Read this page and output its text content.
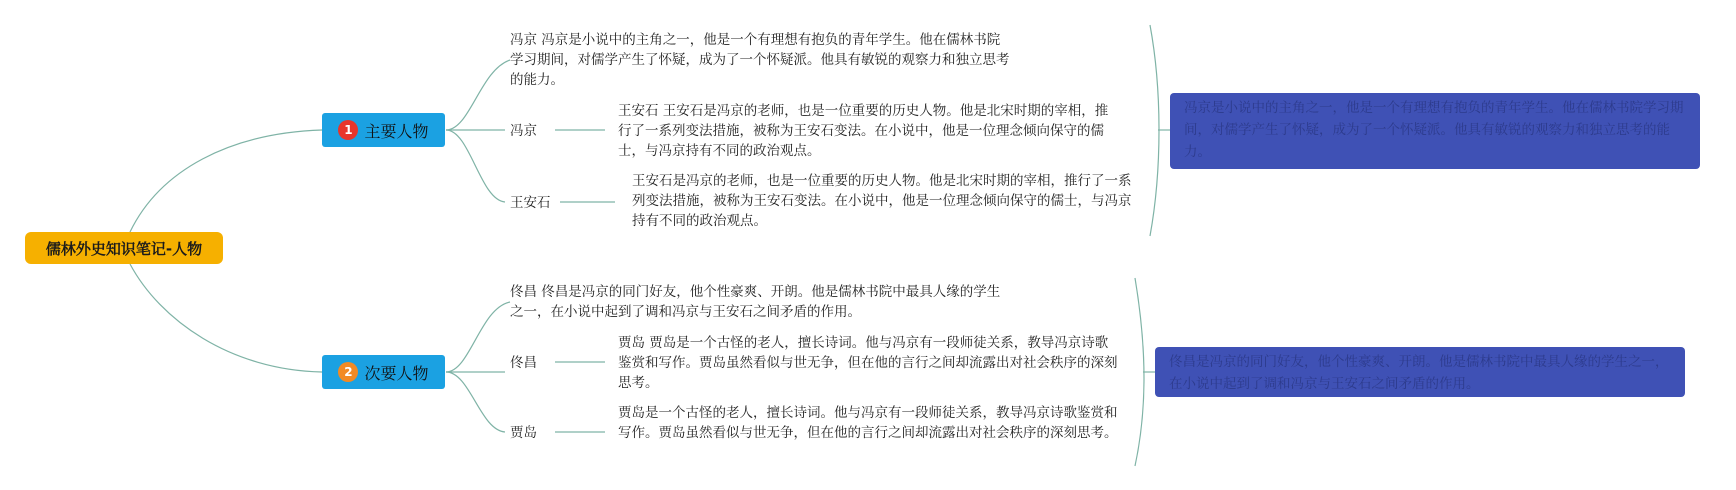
儒林外史知识笔记-人物
1 主要人物
冯京 冯京是小说中的主角之一，他是一个有理想有抱负的青年学生。他在儒林书院学习期间，对儒学产生了怀疑，成为了一个怀疑派。他具有敏锐的观察力和独立思考的能力。
冯京
王安石 王安石是冯京的老师，也是一位重要的历史人物。他是北宋时期的宰相，推行了一系列变法措施，被称为王安石变法。在小说中，他是一位理念倾向保守的儒士，与冯京持有不同的政治观点。
王安石
王安石是冯京的老师，也是一位重要的历史人物。他是北宋时期的宰相，推行了一系列变法措施，被称为王安石变法。在小说中，他是一位理念倾向保守的儒士，与冯京持有不同的政治观点。
冯京是小说中的主角之一，他是一个有理想有抱负的青年学生。他在儒林书院学习期间，对儒学产生了怀疑，成为了一个怀疑派。他具有敏锐的观察力和独立思考的能力。
2 次要人物
佟昌 佟昌是冯京的同门好友，他个性豪爽、开朗。他是儒林书院中最具人缘的学生之一，在小说中起到了调和冯京与王安石之间矛盾的作用。
佟昌
贾岛 贾岛是一个古怪的老人，擅长诗词。他与冯京有一段师徒关系，教导冯京诗歌鉴赏和写作。贾岛虽然看似与世无争，但在他的言行之间却流露出对社会秩序的深刻思考。
贾岛
贾岛是一个古怪的老人，擅长诗词。他与冯京有一段师徒关系，教导冯京诗歌鉴赏和写作。贾岛虽然看似与世无争，但在他的言行之间却流露出对社会秩序的深刻思考。
佟昌是冯京的同门好友，他个性豪爽、开朗。他是儒林书院中最具人缘的学生之一，在小说中起到了调和冯京与王安石之间矛盾的作用。
